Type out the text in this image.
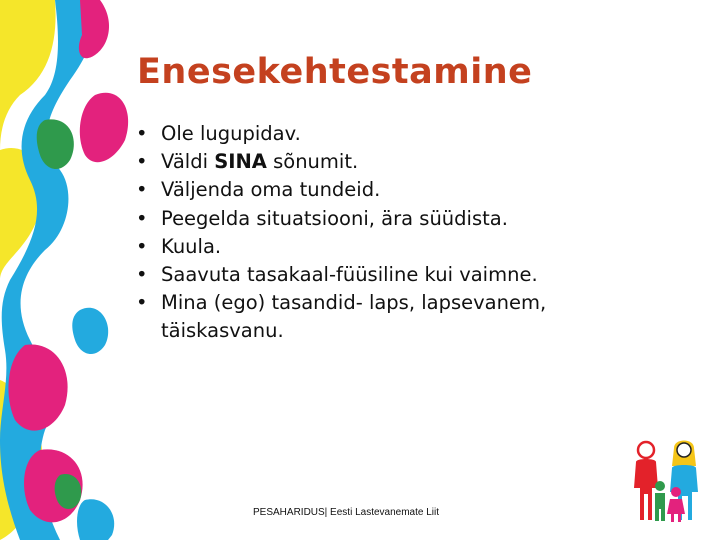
Enesekehtestamine
• Ole lugupidav.
• Väldi SINA sõnumit.
• Väljenda oma tundeid.
• Peegelda situatsiooni, ära süüdista.
• Kuula.
• Saavuta tasakaal-füüsiline kui vaimne.
• Mina (ego) tasandid- laps, lapsevanem, täiskasvanu.
PESAHARIDUS| Eesti Lastevanemate Liit
